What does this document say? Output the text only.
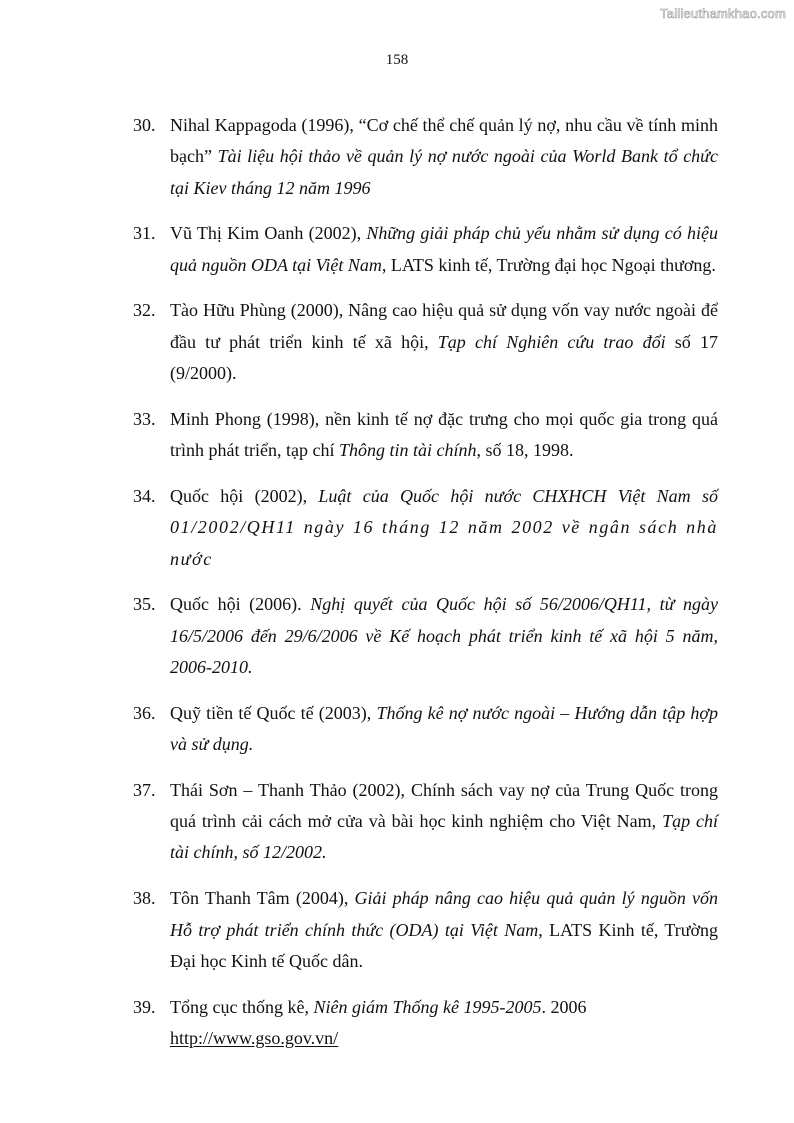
Tailieuthamkhao.com
158
30. Nihal Kappagoda (1996), “Cơ chế thể chế quản lý nợ, nhu cầu về tính minh bạch” Tài liệu hội thảo về quản lý nợ nước ngoài của World Bank tổ chức tại Kiev tháng 12 năm 1996
31. Vũ Thị Kim Oanh (2002), Những giải pháp chủ yếu nhằm sử dụng có hiệu quả nguồn ODA tại Việt Nam, LATS kinh tế, Trường đại học Ngoại thương.
32. Tào Hữu Phùng (2000), Nâng cao hiệu quả sử dụng vốn vay nước ngoài để đầu tư phát triển kinh tế xã hội, Tạp chí Nghiên cứu trao đổi số 17 (9/2000).
33. Minh Phong (1998), nền kinh tế nợ đặc trưng cho mọi quốc gia trong quá trình phát triển, tạp chí Thông tin tài chính, số 18, 1998.
34. Quốc hội (2002), Luật của Quốc hội nước CHXHCH Việt Nam số 01/2002/QH11 ngày 16 tháng 12 năm 2002 về ngân sách nhà nước
35. Quốc hội (2006). Nghị quyết của Quốc hội số 56/2006/QH11, từ ngày 16/5/2006 đến 29/6/2006 về Kế hoạch phát triển kinh tế xã hội 5 năm, 2006-2010.
36. Quỹ tiền tế Quốc tế (2003), Thống kê nợ nước ngoài – Hướng dẫn tập hợp và sử dụng.
37. Thái Sơn – Thanh Thảo (2002), Chính sách vay nợ của Trung Quốc trong quá trình cải cách mở cửa và bài học kinh nghiệm cho Việt Nam, Tạp chí tài chính, số 12/2002.
38. Tôn Thanh Tâm (2004), Giải pháp nâng cao hiệu quả quản lý nguồn vốn Hỗ trợ phát triển chính thức (ODA) tại Việt Nam, LATS Kinh tế, Trường Đại học Kinh tế Quốc dân.
39. Tổng cục thống kê, Niên giám Thống kê 1995-2005. 2006
http://www.gso.gov.vn/
